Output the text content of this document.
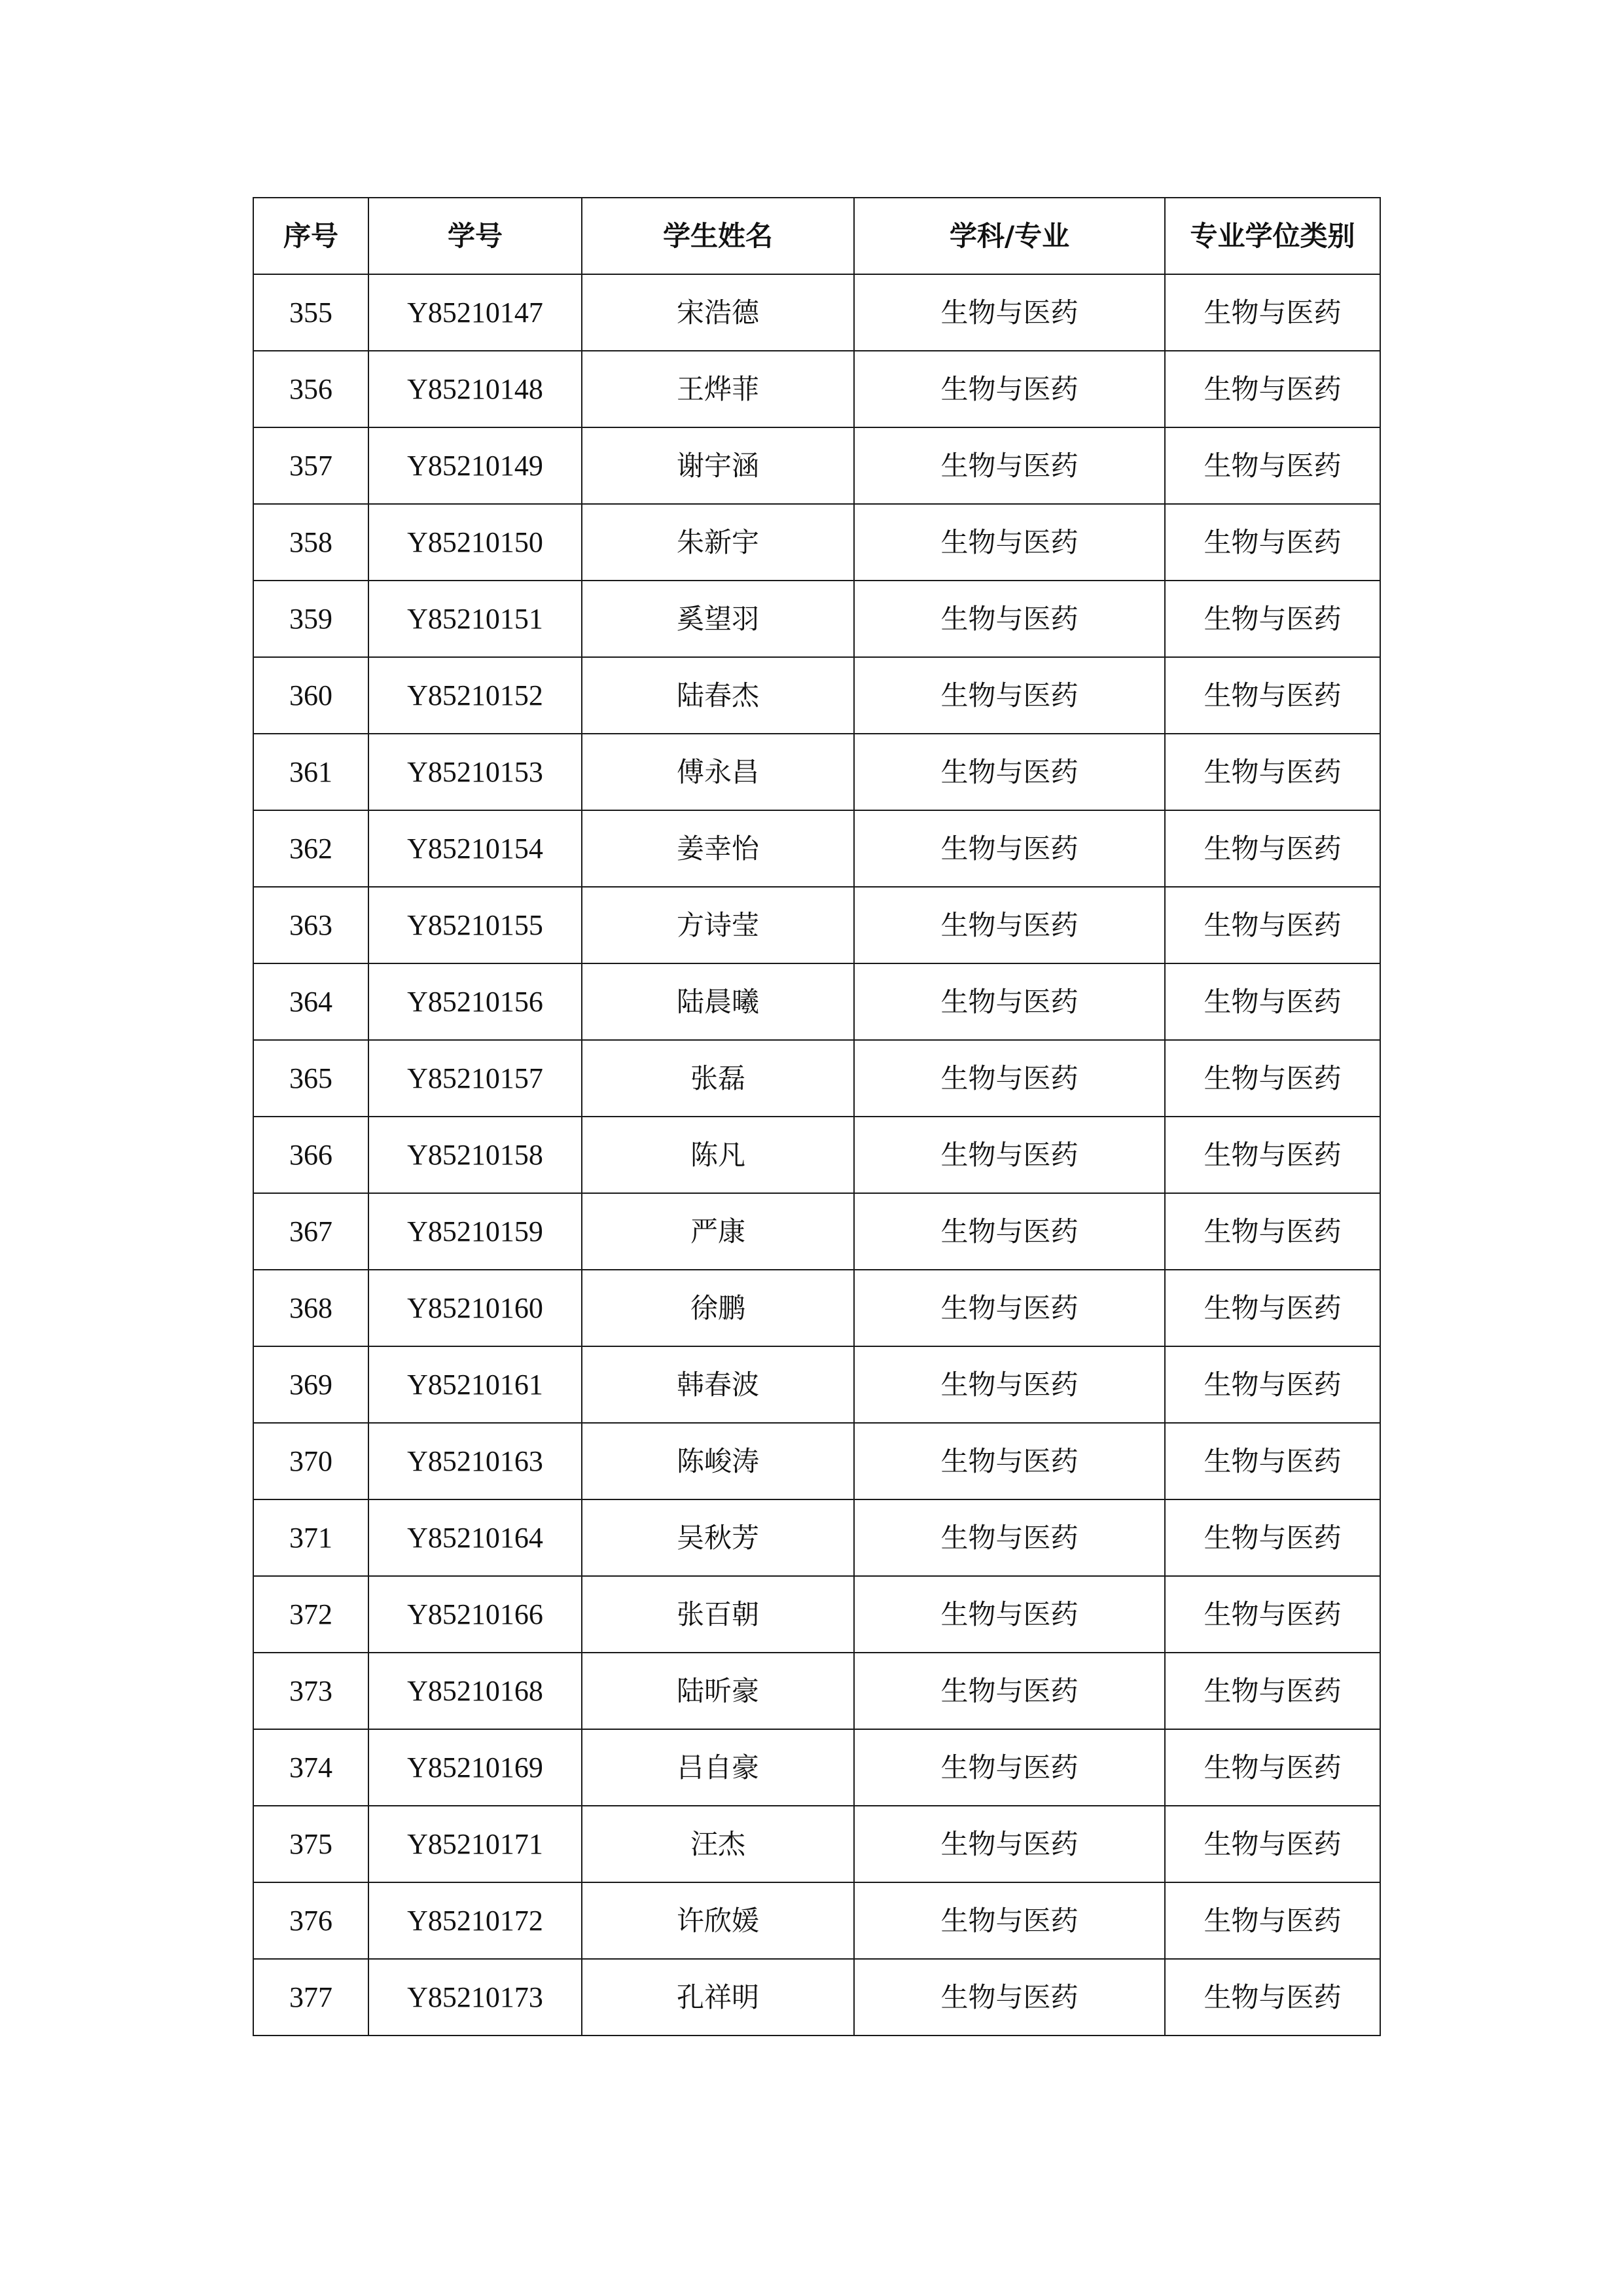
序号	学号	学生姓名	学科/专业	专业学位类别
355	Y85210147	宋浩德	生物与医药	生物与医药
356	Y85210148	王烨菲	生物与医药	生物与医药
357	Y85210149	谢宇涵	生物与医药	生物与医药
358	Y85210150	朱新宇	生物与医药	生物与医药
359	Y85210151	奚望羽	生物与医药	生物与医药
360	Y85210152	陆春杰	生物与医药	生物与医药
361	Y85210153	傅永昌	生物与医药	生物与医药
362	Y85210154	姜幸怡	生物与医药	生物与医药
363	Y85210155	方诗莹	生物与医药	生物与医药
364	Y85210156	陆晨曦	生物与医药	生物与医药
365	Y85210157	张磊	生物与医药	生物与医药
366	Y85210158	陈凡	生物与医药	生物与医药
367	Y85210159	严康	生物与医药	生物与医药
368	Y85210160	徐鹏	生物与医药	生物与医药
369	Y85210161	韩春波	生物与医药	生物与医药
370	Y85210163	陈峻涛	生物与医药	生物与医药
371	Y85210164	吴秋芳	生物与医药	生物与医药
372	Y85210166	张百朝	生物与医药	生物与医药
373	Y85210168	陆昕豪	生物与医药	生物与医药
374	Y85210169	吕自豪	生物与医药	生物与医药
375	Y85210171	汪杰	生物与医药	生物与医药
376	Y85210172	许欣媛	生物与医药	生物与医药
377	Y85210173	孔祥明	生物与医药	生物与医药
